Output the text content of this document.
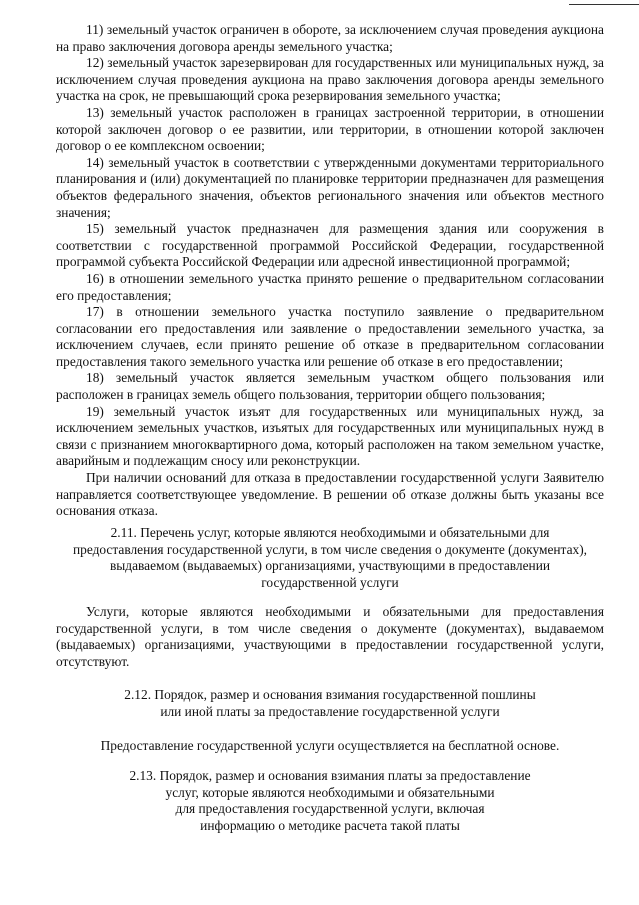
11) земельный участок ограничен в обороте, за исключением случая проведения аукциона на право заключения договора аренды земельного участка;

12) земельный участок зарезервирован для государственных или муниципальных нужд, за исключением случая проведения аукциона на право заключения договора аренды земельного участка на срок, не превышающий срока резервирования земельного участка;

13) земельный участок расположен в границах застроенной территории, в отношении которой заключен договор о ее развитии, или территории, в отношении которой заключен договор о ее комплексном освоении;

14) земельный участок в соответствии с утвержденными документами территориального планирования и (или) документацией по планировке территории предназначен для размещения объектов федерального значения, объектов регионального значения или объектов местного значения;

15) земельный участок предназначен для размещения здания или сооружения в соответствии с государственной программой Российской Федерации, государственной программой субъекта Российской Федерации или адресной инвестиционной программой;

16) в отношении земельного участка принято решение о предварительном согласовании его предоставления;

17) в отношении земельного участка поступило заявление о предварительном согласовании его предоставления или заявление о предоставлении земельного участка, за исключением случаев, если принято решение об отказе в предварительном согласовании предоставления такого земельного участка или решение об отказе в его предоставлении;

18) земельный участок является земельным участком общего пользования или расположен в границах земель общего пользования, территории общего пользования;

19) земельный участок изъят для государственных или муниципальных нужд, за исключением земельных участков, изъятых для государственных или муниципальных нужд в связи с признанием многоквартирного дома, который расположен на таком земельном участке, аварийным и подлежащим сносу или реконструкции.

При наличии оснований для отказа в предоставлении государственной услуги Заявителю направляется соответствующее уведомление. В решении об отказе должны быть указаны все основания отказа.

2.11. Перечень услуг, которые являются необходимыми и обязательными для

предоставления государственной услуги, в том числе сведения о документе (документах),

выдаваемом (выдаваемых) организациями, участвующими в предоставлении

государственной услуги

Услуги, которые являются необходимыми и обязательными для предоставления государственной услуги, в том числе сведения о документе (документах), выдаваемом (выдаваемых) организациями, участвующими в предоставлении государственной услуги, отсутствуют.

2.12. Порядок, размер и основания взимания государственной пошлины

или иной платы за предоставление государственной услуги

Предоставление государственной услуги осуществляется на бесплатной основе.

2.13. Порядок, размер и основания взимания платы за предоставление

услуг, которые являются необходимыми и обязательными

для предоставления государственной услуги, включая

информацию о методике расчета такой платы
